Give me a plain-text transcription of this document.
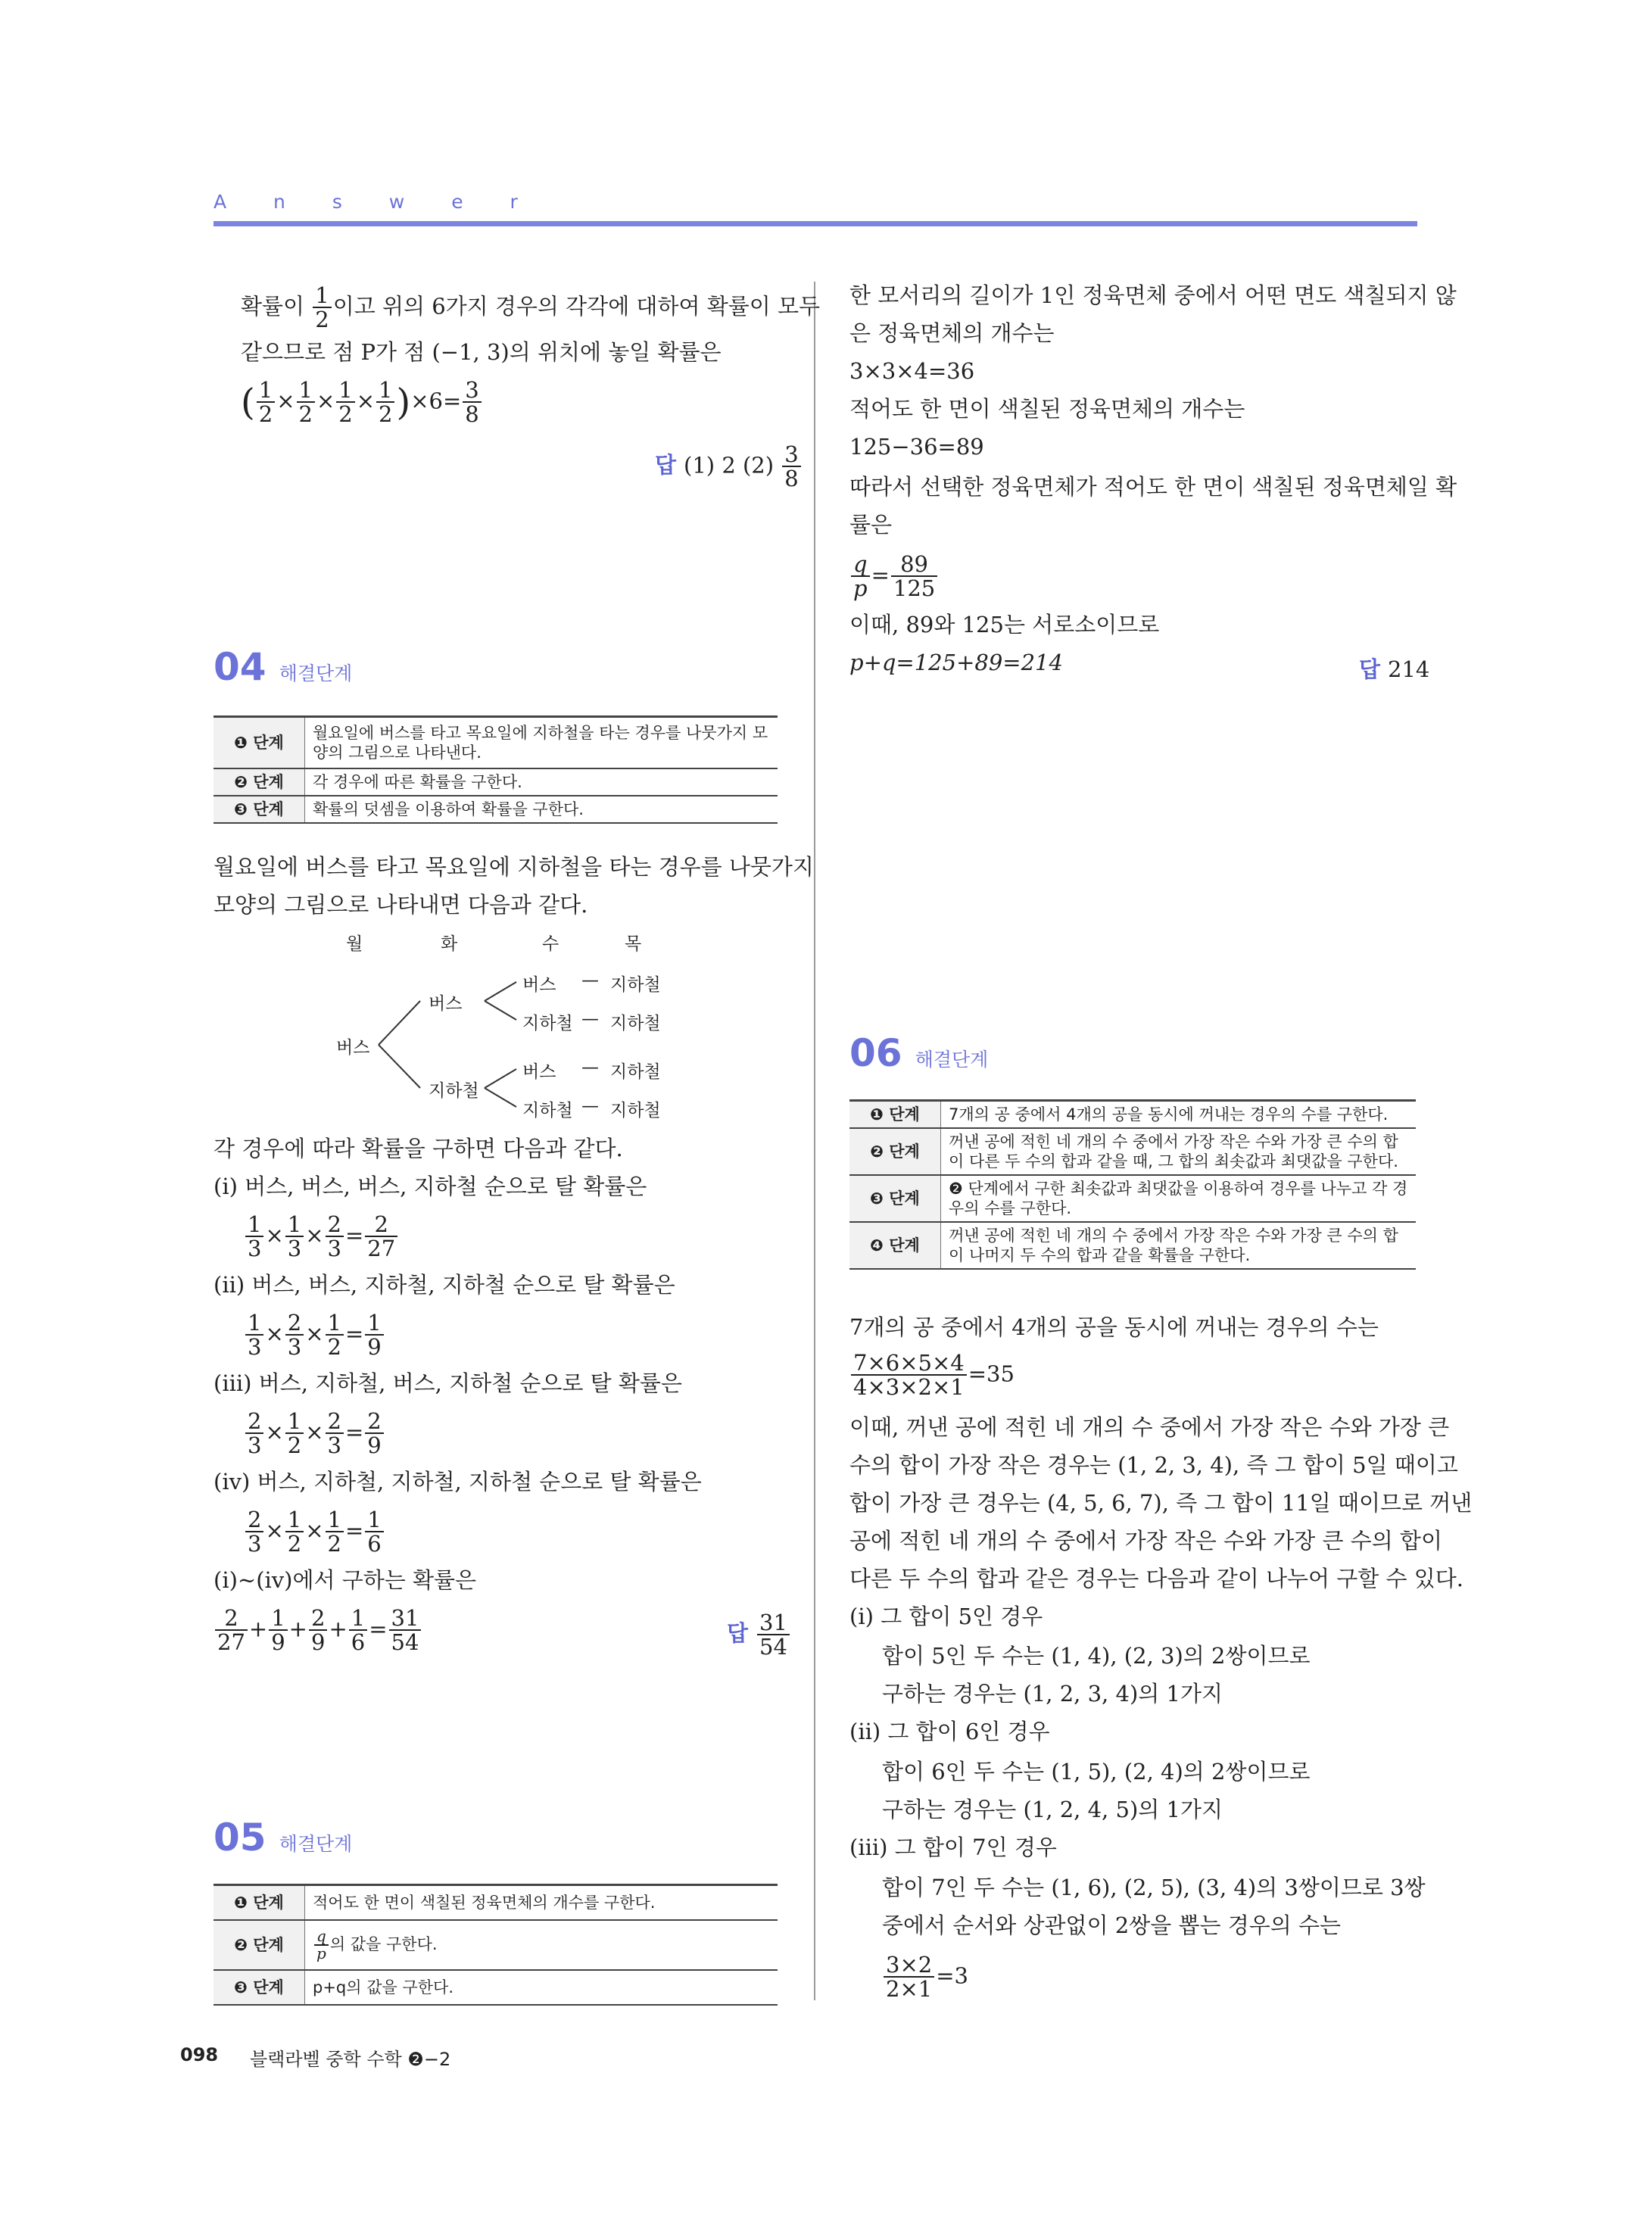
A n s w e r
확률이 $\frac{1}{2}$ 이고 위의 6가지 경우의 각각에 대하여 확률이 모두
같으므로 점 P가 점 (−1, 3)의 위치에 놓일 확률은
( $\frac{1}{2} \times \frac{1}{2} \times \frac{1}{2} \times \frac{1}{2} )\times 6= \frac{3}{8}$
답 (1) 2 $(2) \frac{3}{8}$
04 해결단계
❶ 단계	월요일에 버스를 타고 목요일에 지하철을 타는 경우를 나뭇가지 모양의 그림으로 나타낸다.
❷ 단계	각 경우에 따른 확률을 구한다.
❸ 단계	확률의 덧셈을 이용하여 확률을 구한다.
월요일에 버스를 타고 목요일에 지하철을 타는 경우를 나뭇가지
모양의 그림으로 나타내면 다음과 같다.
월	화	수	목
버스
버스
지하철
버스
지하철
버스
지하철
—
—
—
—
지하철
지하철
지하철
지하철
각 경우에 따라 확률을 구하면 다음과 같다.
(ⅰ) 버스, 버스, 버스, 지하철 순으로 탈 확률은
$\frac{1}{3} \times \frac{1}{3} \times \frac{2}{3} = \frac{2}{27}$
(ⅱ) 버스, 버스, 지하철, 지하철 순으로 탈 확률은
$\frac{1}{3} \times \frac{2}{3} \times \frac{1}{2} = \frac{1}{9}$
(ⅲ) 버스, 지하철, 버스, 지하철 순으로 탈 확률은
$\frac{2}{3} \times \frac{1}{2} \times \frac{2}{3} = \frac{2}{9}$
(ⅳ) 버스, 지하철, 지하철, 지하철 순으로 탈 확률은
$\frac{2}{3} \times \frac{1}{2} \times \frac{1}{2} = \frac{1}{6}$
(ⅰ)~(ⅳ)에서 구하는 확률은
$\frac{2}{27} + \frac{1}{9} + \frac{2}{9} + \frac{1}{6} = \frac{31}{54}$	답 $\frac{31}{54}$
05 해결단계
❶ 단계	적어도 한 면이 색칠된 정육면체의 개수를 구한다.
❷ 단계	$\frac{q}{p}$ 의 값을 구한다.
❸ 단계	p+q의 값을 구한다.
한 모서리의 길이가 1인 정육면체 중에서 어떤 면도 색칠되지 않
은 정육면체의 개수는
3×3×4=36
적어도 한 면이 색칠된 정육면체의 개수는
125−36=89
따라서 선택한 정육면체가 적어도 한 면이 색칠된 정육면체일 확
률은
$\frac{q}{p} = \frac{89}{125}$
이때, 89와 125는 서로소이므로
p+q=125+89=214	답 214
06 해결단계
❶ 단계	7개의 공 중에서 4개의 공을 동시에 꺼내는 경우의 수를 구한다.
❷ 단계	꺼낸 공에 적힌 네 개의 수 중에서 가장 작은 수와 가장 큰 수의 합이 다른 두 수의 합과 같을 때, 그 합의 최솟값과 최댓값을 구한다.
❸ 단계	❷ 단계에서 구한 최솟값과 최댓값을 이용하여 경우를 나누고 각 경우의 수를 구한다.
❹ 단계	꺼낸 공에 적힌 네 개의 수 중에서 가장 작은 수와 가장 큰 수의 합이 나머지 두 수의 합과 같을 확률을 구한다.
7개의 공 중에서 4개의 공을 동시에 꺼내는 경우의 수는
$\frac{7\times 6\times 5\times 4}{4\times 3\times 2\times 1} =35$
이때, 꺼낸 공에 적힌 네 개의 수 중에서 가장 작은 수와 가장 큰
수의 합이 가장 작은 경우는 (1, 2, 3, 4), 즉 그 합이 5일 때이고
합이 가장 큰 경우는 (4, 5, 6, 7), 즉 그 합이 11일 때이므로 꺼낸
공에 적힌 네 개의 수 중에서 가장 작은 수와 가장 큰 수의 합이
다른 두 수의 합과 같은 경우는 다음과 같이 나누어 구할 수 있다.
(ⅰ) 그 합이 5인 경우
합이 5인 두 수는 (1, 4), (2, 3)의 2쌍이므로
구하는 경우는 (1, 2, 3, 4)의 1가지
(ⅱ) 그 합이 6인 경우
합이 6인 두 수는 (1, 5), (2, 4)의 2쌍이므로
구하는 경우는 (1, 2, 4, 5)의 1가지
(ⅲ) 그 합이 7인 경우
합이 7인 두 수는 (1, 6), (2, 5), (3, 4)의 3쌍이므로 3쌍
중에서 순서와 상관없이 2쌍을 뽑는 경우의 수는
$\frac{3\times 2}{2\times 1} =3$
098 블랙라벨 중학 수학 ❷−2
